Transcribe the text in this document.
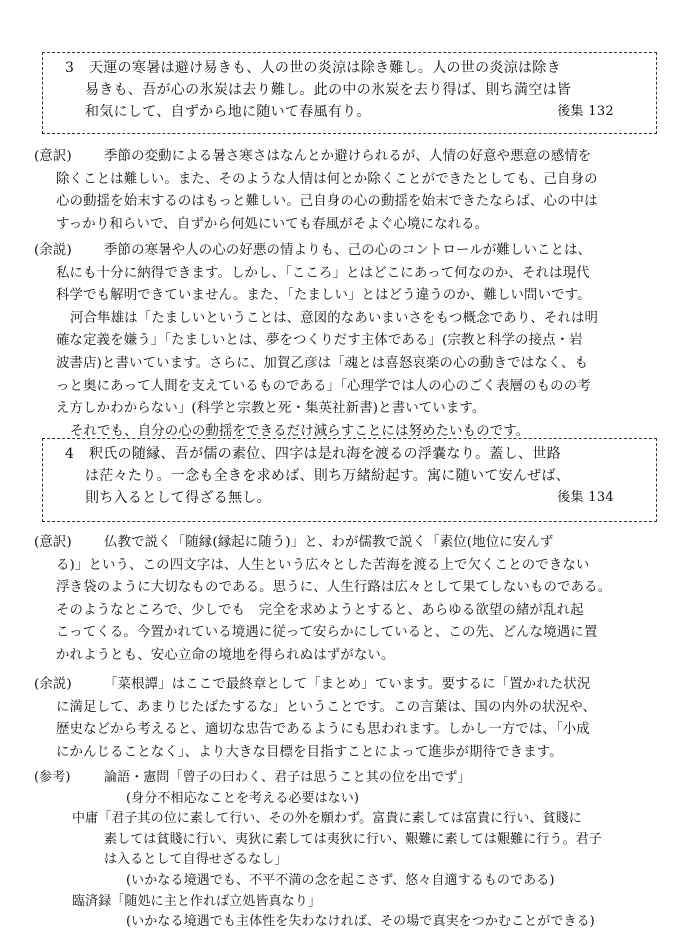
3 天運の寒暑は避け易きも、人の世の炎涼は除き難し。人の世の炎涼は除き
易きも、吾が心の氷炭は去り難し。此の中の氷炭を去り得ば、則ち満空は皆
和気にして、自ずから地に随いて春風有り。	後集 132
(意訳) 季節の変動による暑さ寒さはなんとか避けられるが、人情の好意や悪意の感情を
除くことは難しい。また、そのような人情は何とか除くことができたとしても、己自身の
心の動揺を始末するのはもっと難しい。己自身の心の動揺を始末できたならば、心の中は
すっかり和らいで、自ずから何処にいても春風がそよぐ心境になれる。
(余説) 季節の寒暑や人の心の好悪の情よりも、己の心のコントロールが難しいことは、
私にも十分に納得できます。しかし、「こころ」とはどこにあって何なのか、それは現代
科学でも解明できていません。また、「たましい」とはどう違うのか、難しい問いです。
河合隼雄は「たましいということは、意図的なあいまいさをもつ概念であり、それは明
確な定義を嫌う」「たましいとは、夢をつくりだす主体である」(宗教と科学の接点・岩
波書店)と書いています。さらに、加賀乙彦は「魂とは喜怒哀楽の心の動きではなく、も
っと奥にあって人間を支えているものである」「心理学では人の心のごく表層のものの考
え方しかわからない」(科学と宗教と死・集英社新書)と書いています。
それでも、自分の心の動揺をできるだけ減らすことには努めたいものです。
4 釈氏の随縁、吾が儒の素位、四字は是れ海を渡るの浮嚢なり。蓋し、世路
は茫々たり。一念も全きを求めば、則ち万緒紛起す。寓に随いて安んぜば、
則ち入るとして得ざる無し。	後集 134
(意訳) 仏教で説く「随縁(縁起に随う)」と、わが儒教で説く「素位(地位に安んず
る)」という、この四文字は、人生という広々とした苦海を渡る上で欠くことのできない
浮き袋のように大切なものである。思うに、人生行路は広々として果てしないものである。
そのようなところで、少しでも　完全を求めようとすると、あらゆる欲望の緒が乱れ起
こってくる。今置かれている境遇に従って安らかにしていると、この先、どんな境遇に置
かれようとも、安心立命の境地を得られぬはずがない。
(余説) 「菜根譚」はここで最終章として「まとめ」ています。要するに「置かれた状況
に満足して、あまりじたばたするな」ということです。この言葉は、国の内外の状況や、
歴史などから考えると、適切な忠告であるようにも思われます。しかし一方では、「小成
にかんじることなく」、より大きな目標を目指すことによって進歩が期待できます。
(参考)	論語・憲問「曾子の曰わく、君子は思うこと其の位を出でず」
(身分不相応なことを考える必要はない)
中庸「君子其の位に素して行い、その外を願わず。富貴に素しては富貴に行い、貧賤に
素しては貧賤に行い、夷狄に素しては夷狄に行い、艱難に素しては艱難に行う。君子
は入るとして自得せざるなし」
(いかなる境遇でも、不平不満の念を起こさず、悠々自適するものである)
臨済録「随処に主と作れば立処皆真なり」
(いかなる境遇でも主体性を失わなければ、その場で真実をつかむことができる)
